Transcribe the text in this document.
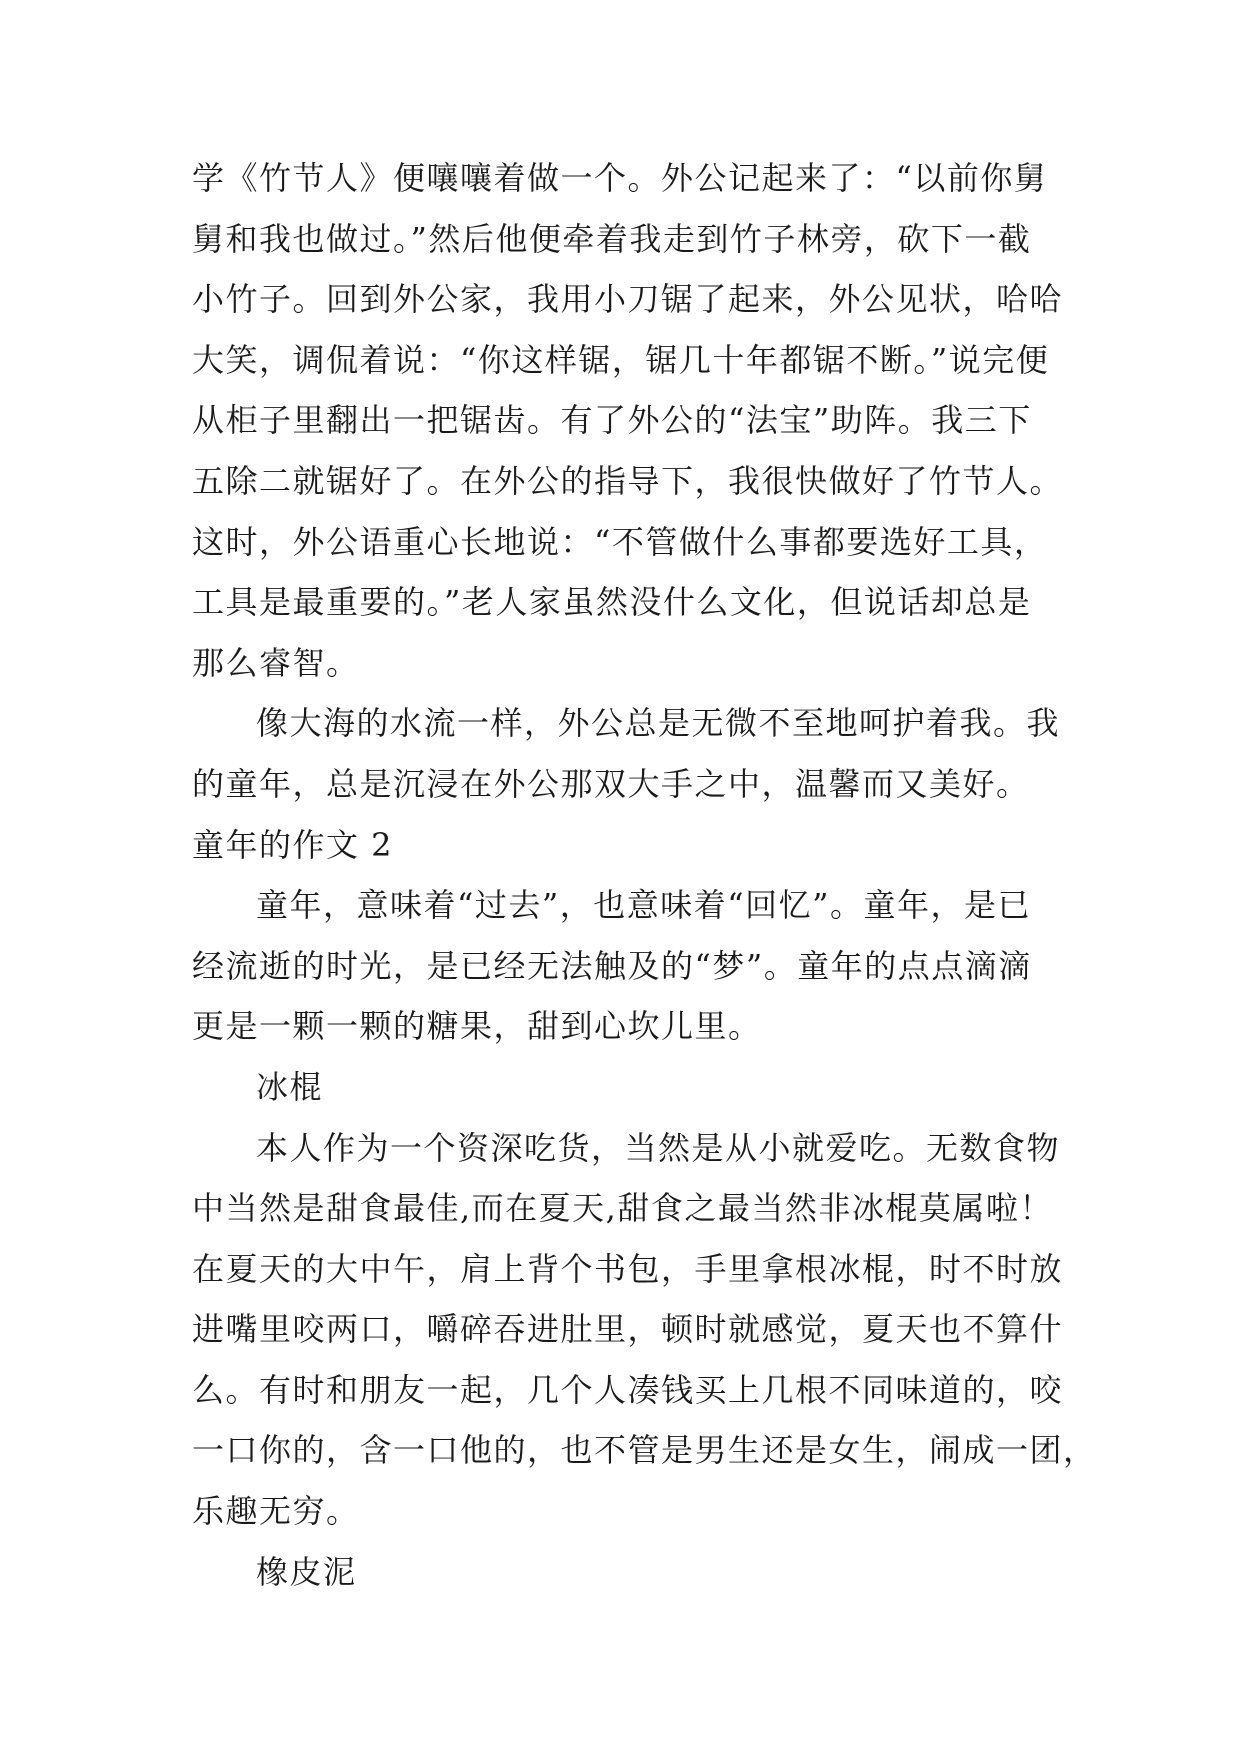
学《竹节人》便嚷嚷着做一个。外公记起来了：“以前你舅
舅和我也做过。”然后他便牵着我走到竹子林旁，砍下一截
小竹子。回到外公家，我用小刀锯了起来，外公见状，哈哈
大笑，调侃着说：“你这样锯，锯几十年都锯不断。”说完便
从柜子里翻出一把锯齿。有了外公的“法宝”助阵。我三下
五除二就锯好了。在外公的指导下，我很快做好了竹节人。
这时，外公语重心长地说：“不管做什么事都要选好工具，
工具是最重要的。”老人家虽然没什么文化，但说话却总是
那么睿智。
像大海的水流一样，外公总是无微不至地呵护着我。我
的童年，总是沉浸在外公那双大手之中，温馨而又美好。
童年的作文 2
童年，意味着“过去”，也意味着“回忆”。童年，是已
经流逝的时光，是已经无法触及的“梦”。童年的点点滴滴
更是一颗一颗的糖果，甜到心坎儿里。
冰棍
本人作为一个资深吃货，当然是从小就爱吃。无数食物
中当然是甜食最佳,而在夏天,甜食之最当然非冰棍莫属啦！
在夏天的大中午，肩上背个书包，手里拿根冰棍，时不时放
进嘴里咬两口，嚼碎吞进肚里，顿时就感觉，夏天也不算什
么。有时和朋友一起，几个人凑钱买上几根不同味道的，咬
一口你的，含一口他的，也不管是男生还是女生，闹成一团，
乐趣无穷。
橡皮泥
